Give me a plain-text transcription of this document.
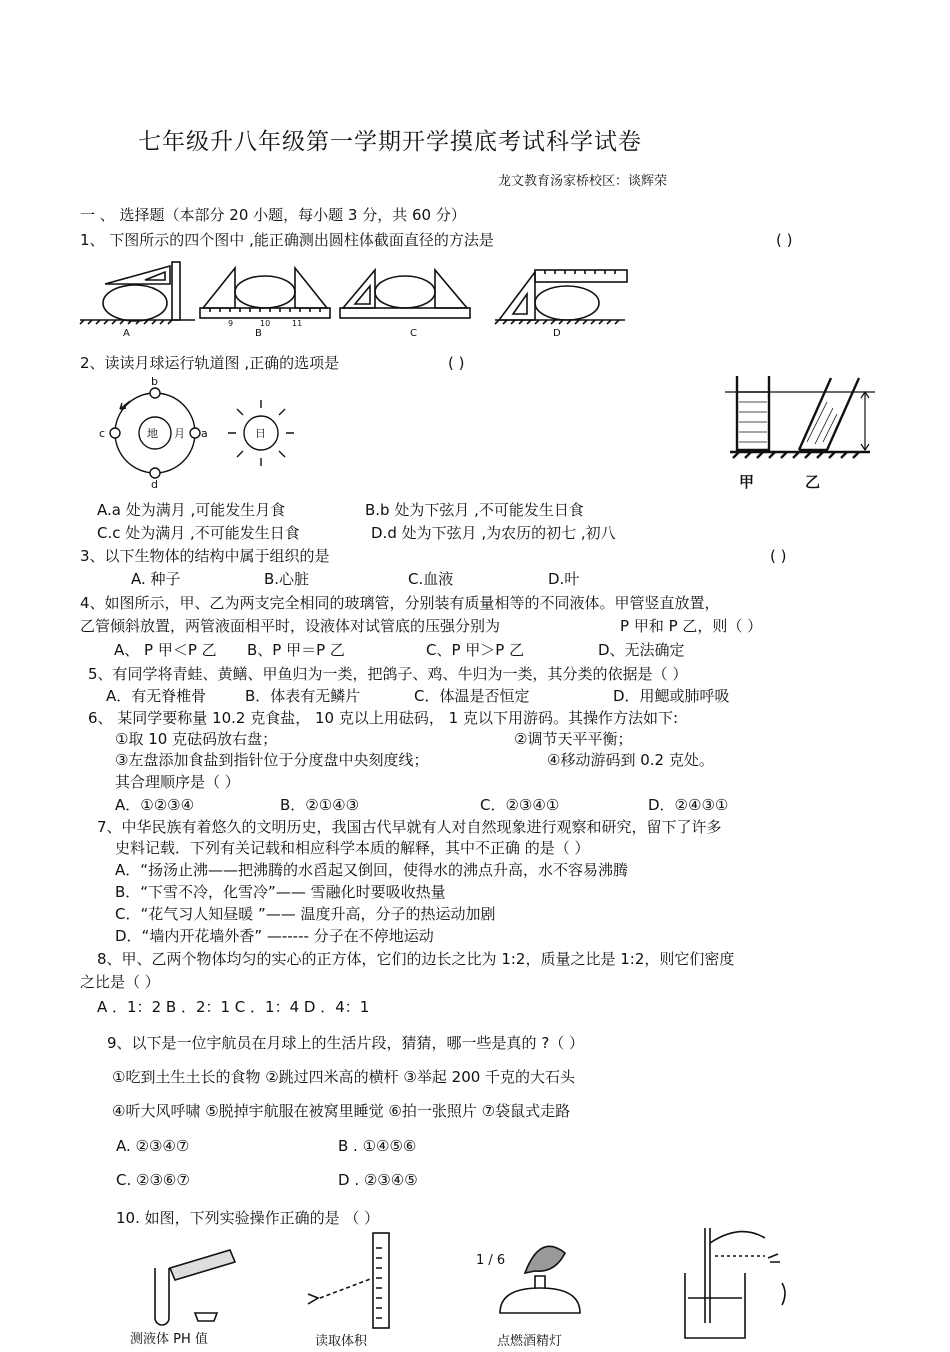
七年级升八年级第一学期开学摸底考试科学试卷
龙文教育汤家桥校区：谈辉荣
一 、 选择题（本部分 20 小题，每小题 3 分，共 60 分）
1、 下图所示的四个图中 ,能正确测出圆柱体截面直径的方法是	( )
A
9	10	11
B	C	D
2、读读月球运行轨道图 ,正确的选项是	( )
地 月	日
a
b
c
d	甲	乙
A.a 处为满月 ,可能发生月食	B.b 处为下弦月 ,不可能发生日食
C.c 处为满月 ,不可能发生日食	D.d 处为下弦月 ,为农历的初七 ,初八
3、以下生物体的结构中属于组织的是	( )
A. 种子	B.心脏	C.血液	D.叶
4、如图所示，甲、乙为两支完全相同的玻璃管，分别装有质量相等的不同液体。甲管竖直放置，
乙管倾斜放置，两管液面相平时，设液体对试管底的压强分别为	P 甲和 P 乙，则（ ）
A、 P 甲＜P 乙 B、P 甲＝P 乙	C、P 甲＞P 乙	D、无法确定
5、有同学将青蛙、黄鳝、甲鱼归为一类，把鸽子、鸡、牛归为一类，其分类的依据是（ ）
A．有无脊椎骨	B．体表有无鳞片	C．体温是否恒定	D．用鳃或肺呼吸
6、 某同学要称量 10.2 克食盐， 10 克以上用砝码， 1 克以下用游码。其操作方法如下:
①取 10 克砝码放右盘；	②调节天平平衡；
③左盘添加食盐到指针位于分度盘中央刻度线；	④移动游码到 0.2 克处。
其合理顺序是（ ）
A．①②③④	B．②①④③	C．②③④①	D．②④③①
7、中华民族有着悠久的文明历史，我国古代早就有人对自然现象进行观察和研究，留下了许多
史料记载．下列有关记载和相应科学本质的解释，其中不正确 的是（ ）
A．“扬汤止沸——把沸腾的水舀起又倒回，使得水的沸点升高，水不容易沸腾
B．“下雪不冷，化雪冷”—— 雪融化时要吸收热量
C．“花气习人知昼暖 ”—— 温度升高，分子的热运动加剧
D．“墙内开花墙外香” —----- 分子在不停地运动
8、甲、乙两个物体均匀的实心的正方体，它们的边长之比为 1:2，质量之比是 1:2，则它们密度
之比是（ ）
A ．1：2 B ．2：1 C ．1：4 D ．4：1
9、以下是一位宇航员在月球上的生活片段，猜猜，哪一些是真的 ?（ ）
①吃到土生土长的食物 ②跳过四米高的横杆 ③举起 200 千克的大石头
④听大风呼啸 ⑤脱掉宇航服在被窝里睡觉 ⑥拍一张照片 ⑦袋鼠式走路
A. ②③④⑦	B . ①④⑤⑥
C. ②③⑥⑦	D . ②③④⑤
10. 如图，下列实验操作正确的是 （ ）
测液体 PH 值	读取体积	点燃酒精灯
1 / 6
